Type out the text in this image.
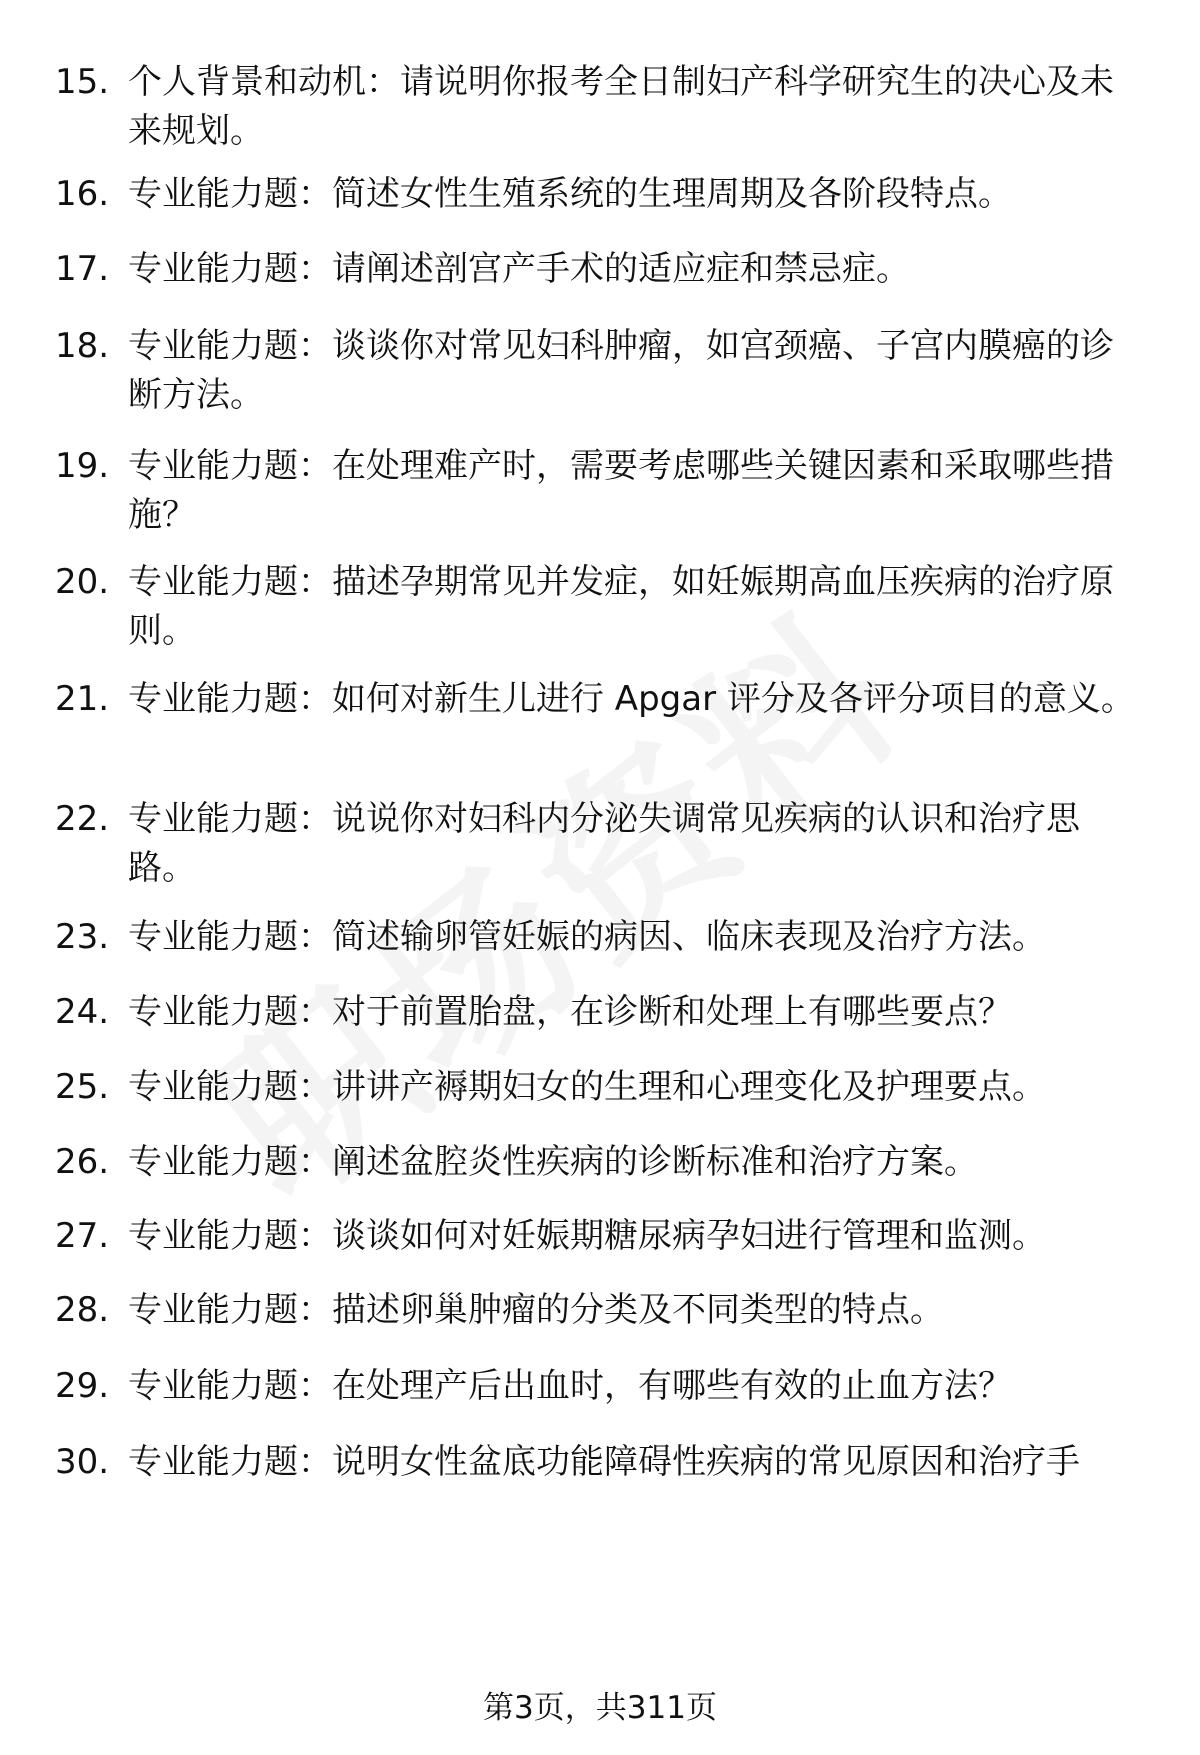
15. 个人背景和动机：请说明你报考全日制妇产科学研究生的决心及未来规划。
16. 专业能力题：简述女性生殖系统的生理周期及各阶段特点。
17. 专业能力题：请阐述剖宫产手术的适应症和禁忌症。
18. 专业能力题：谈谈你对常见妇科肿瘤，如宫颈癌、子宫内膜癌的诊断方法。
19. 专业能力题：在处理难产时，需要考虑哪些关键因素和采取哪些措施？
20. 专业能力题：描述孕期常见并发症，如妊娠期高血压疾病的治疗原则。
21. 专业能力题：如何对新生儿进行 Apgar 评分及各评分项目的意义。
22. 专业能力题：说说你对妇科内分泌失调常见疾病的认识和治疗思路。
23. 专业能力题：简述输卵管妊娠的病因、临床表现及治疗方法。
24. 专业能力题：对于前置胎盘，在诊断和处理上有哪些要点？
25. 专业能力题：讲讲产褥期妇女的生理和心理变化及护理要点。
26. 专业能力题：阐述盆腔炎性疾病的诊断标准和治疗方案。
27. 专业能力题：谈谈如何对妊娠期糖尿病孕妇进行管理和监测。
28. 专业能力题：描述卵巢肿瘤的分类及不同类型的特点。
29. 专业能力题：在处理产后出血时，有哪些有效的止血方法？
30. 专业能力题：说明女性盆底功能障碍性疾病的常见原因和治疗手
第3页，共311页
